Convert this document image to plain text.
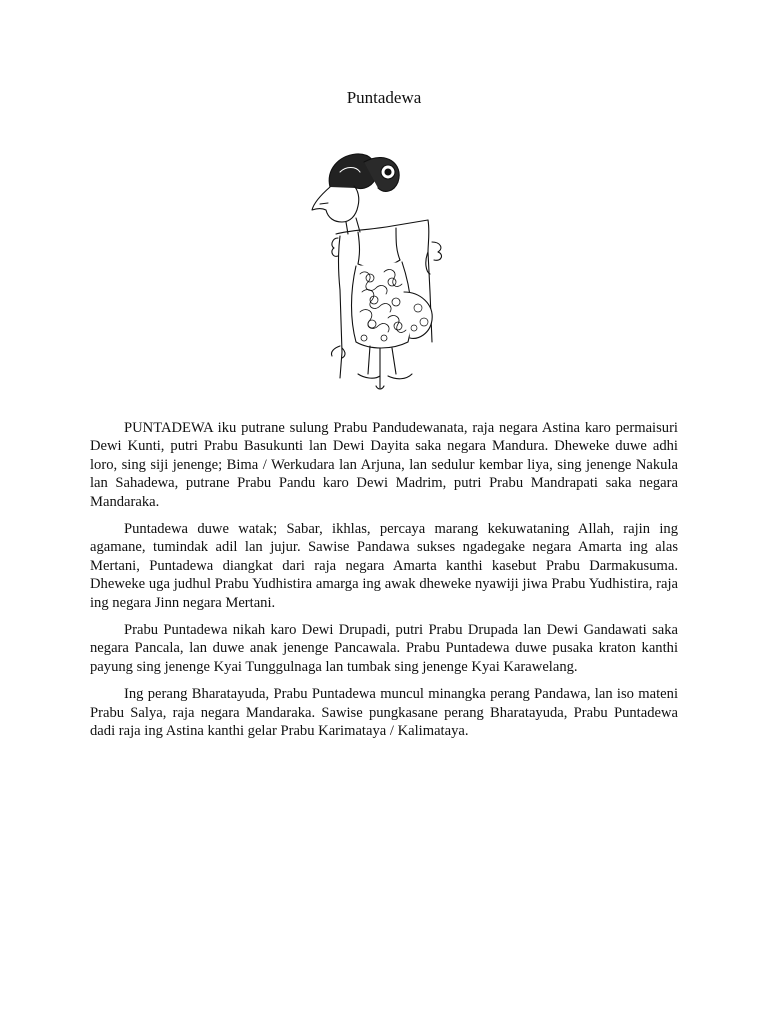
Puntadewa

PUNTADEWA iku putrane sulung Prabu Pandudewanata, raja negara Astina karo permaisuri Dewi Kunti, putri Prabu Basukunti lan Dewi Dayita saka negara Mandura. Dheweke duwe adhi loro, sing siji jenenge; Bima / Werkudara lan Arjuna, lan sedulur kembar liya, sing jenenge Nakula lan Sahadewa, putrane Prabu Pandu karo Dewi Madrim, putri Prabu Mandrapati saka negara Mandaraka.

Puntadewa duwe watak; Sabar, ikhlas, percaya marang kekuwataning Allah, rajin ing agamane, tumindak adil lan jujur. Sawise Pandawa sukses ngadegake negara Amarta ing alas Mertani, Puntadewa diangkat dari raja negara Amarta kanthi kasebut Prabu Darmakusuma. Dheweke uga judhul Prabu Yudhistira amarga ing awak dheweke nyawiji jiwa Prabu Yudhistira, raja ing negara Jinn negara Mertani.

Prabu Puntadewa nikah karo Dewi Drupadi, putri Prabu Drupada lan Dewi Gandawati saka negara Pancala, lan duwe anak jenenge Pancawala. Prabu Puntadewa duwe pusaka kraton kanthi payung sing jenenge Kyai Tunggulnaga lan tumbak sing jenenge Kyai Karawelang.

Ing perang Bharatayuda, Prabu Puntadewa muncul minangka perang Pandawa, lan iso mateni Prabu Salya, raja negara Mandaraka. Sawise pungkasane perang Bharatayuda, Prabu Puntadewa dadi raja ing Astina kanthi gelar Prabu Karimataya / Kalimataya.
